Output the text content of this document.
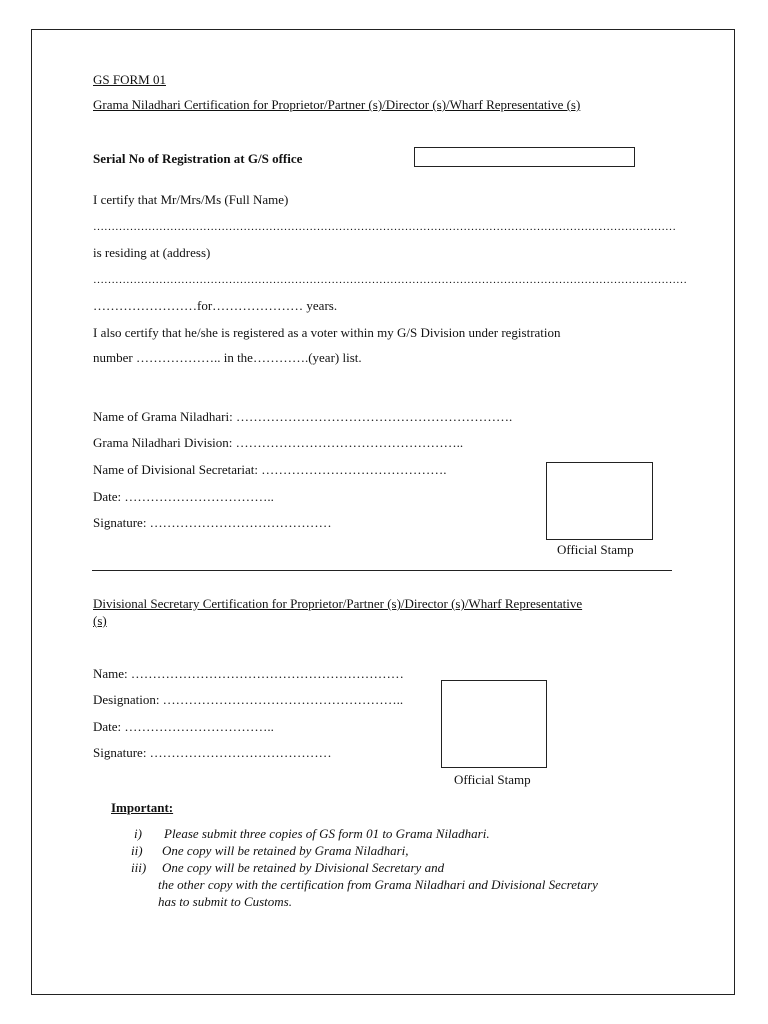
GS FORM 01
Grama Niladhari Certification for Proprietor/Partner (s)/Director (s)/Wharf Representative (s)
Serial No of Registration at G/S office
I certify that Mr/Mrs/Ms (Full Name)
……………………………………………………………………………………………………………………………………………
is residing at (address)
………………………………………………………………………………………………………………………………………………
……………………for………………… years.
I also certify that he/she is registered as a voter within my G/S Division under registration
number ……………….. in the………….(year) list.
Name of Grama Niladhari: ……………………………………………………….
Grama Niladhari Division: ……………………………………………..
Name of Divisional Secretariat: …………………………………….
Date: ……………………………..
Signature: ……………………………………
Official Stamp
Divisional Secretary Certification for Proprietor/Partner (s)/Director (s)/Wharf Representative
(s)
Name: ………………………………………………………
Designation: ………………………………………………..
Date: ……………………………..
Signature: ……………………………………
Official Stamp
Important:
i) Please submit three copies of GS form 01 to Grama Niladhari.
ii) One copy will be retained by Grama Niladhari,
iii) One copy will be retained by Divisional Secretary and
the other copy with the certification from Grama Niladhari and Divisional Secretary
has to submit to Customs.
